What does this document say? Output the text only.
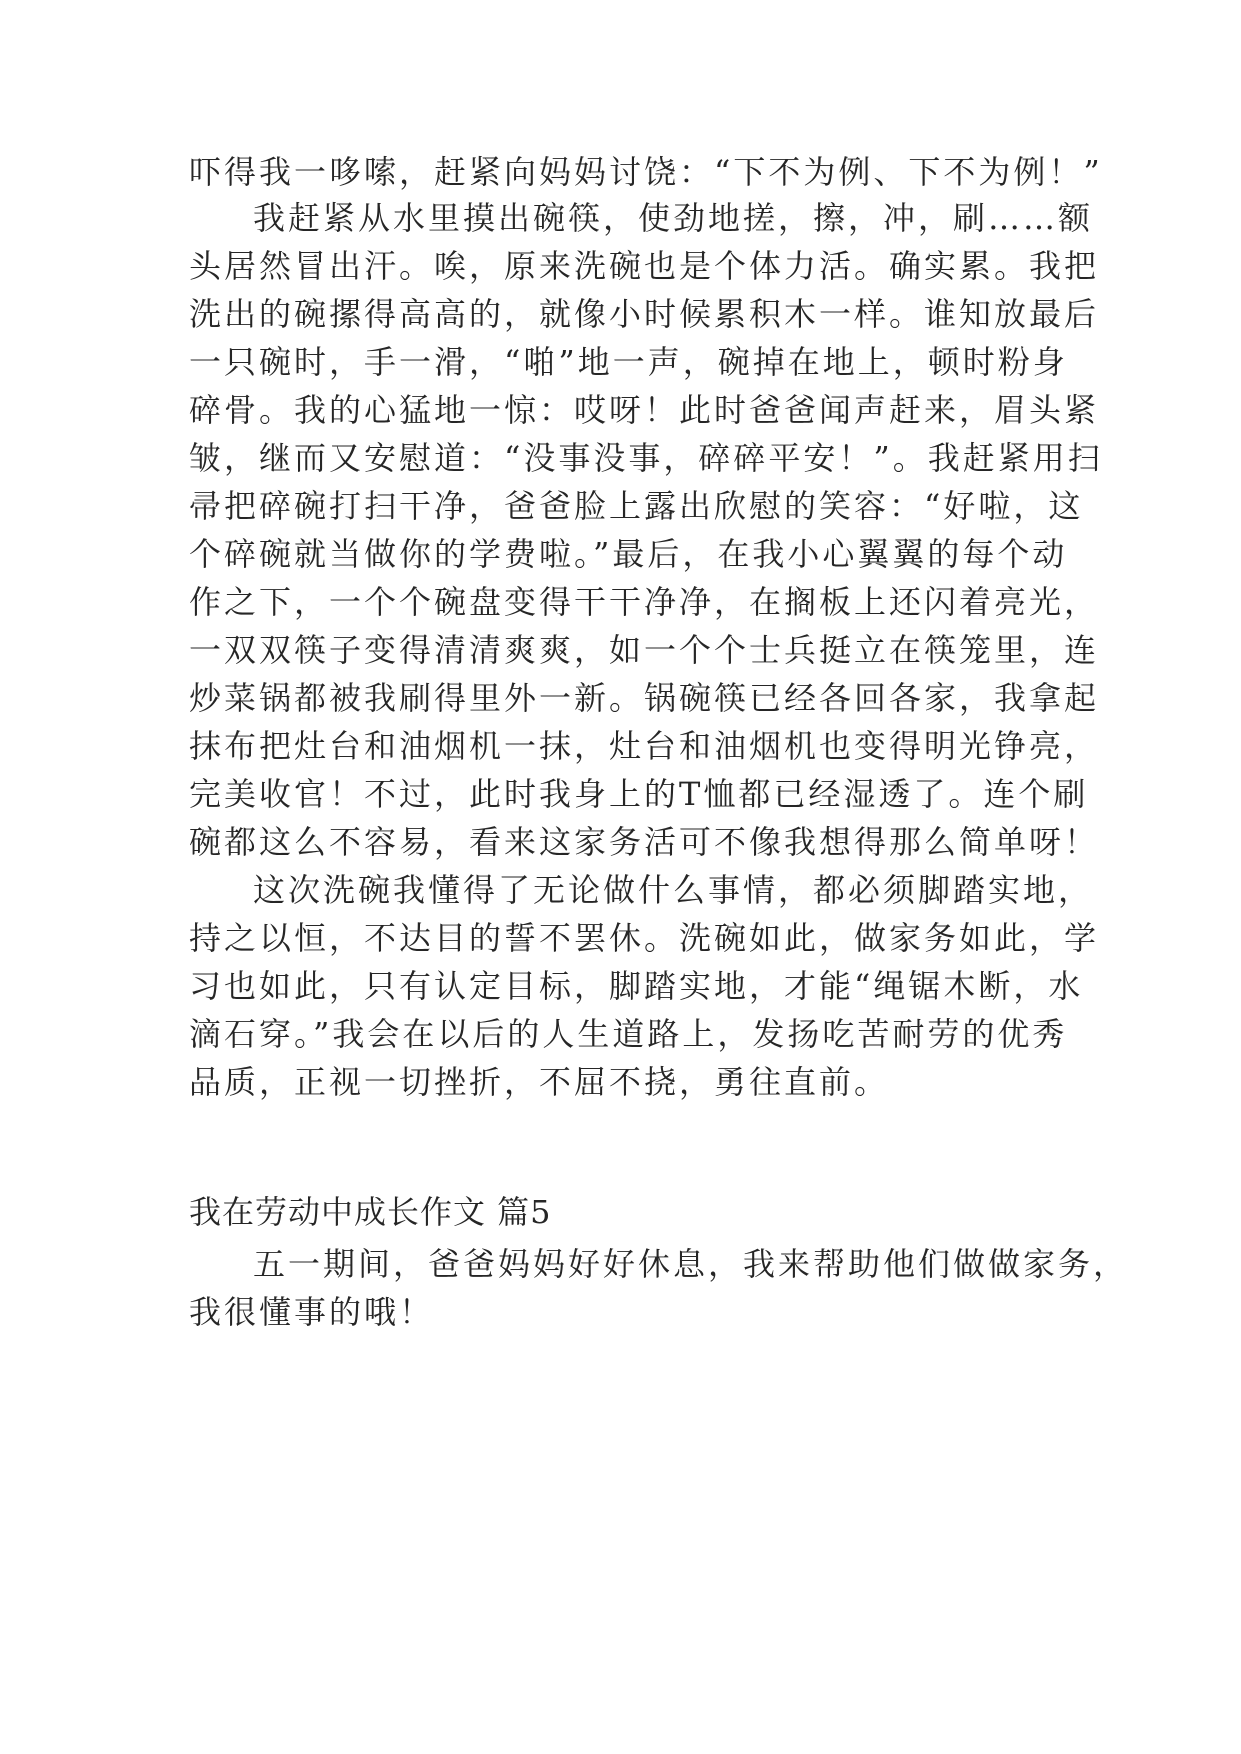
吓得我一哆嗦，赶紧向妈妈讨饶：“下不为例、下不为例！”
我赶紧从水里摸出碗筷，使劲地搓，擦，冲，刷……额
头居然冒出汗。唉，原来洗碗也是个体力活。确实累。我把
洗出的碗摞得高高的，就像小时候累积木一样。谁知放最后
一只碗时，手一滑，“啪”地一声，碗掉在地上，顿时粉身
碎骨。我的心猛地一惊：哎呀！此时爸爸闻声赶来，眉头紧
皱，继而又安慰道：“没事没事，碎碎平安！”。我赶紧用扫
帚把碎碗打扫干净，爸爸脸上露出欣慰的笑容：“好啦，这
个碎碗就当做你的学费啦。”最后，在我小心翼翼的每个动
作之下，一个个碗盘变得干干净净，在搁板上还闪着亮光，
一双双筷子变得清清爽爽，如一个个士兵挺立在筷笼里，连
炒菜锅都被我刷得里外一新。锅碗筷已经各回各家，我拿起
抹布把灶台和油烟机一抹，灶台和油烟机也变得明光铮亮，
完美收官！不过，此时我身上的T恤都已经湿透了。连个刷
碗都这么不容易，看来这家务活可不像我想得那么简单呀！
这次洗碗我懂得了无论做什么事情，都必须脚踏实地，
持之以恒，不达目的誓不罢休。洗碗如此，做家务如此，学
习也如此，只有认定目标，脚踏实地，才能“绳锯木断，水
滴石穿。”我会在以后的人生道路上，发扬吃苦耐劳的优秀
品质，正视一切挫折，不屈不挠，勇往直前。
我在劳动中成长作文 篇5
五一期间，爸爸妈妈好好休息，我来帮助他们做做家务，
我很懂事的哦！
